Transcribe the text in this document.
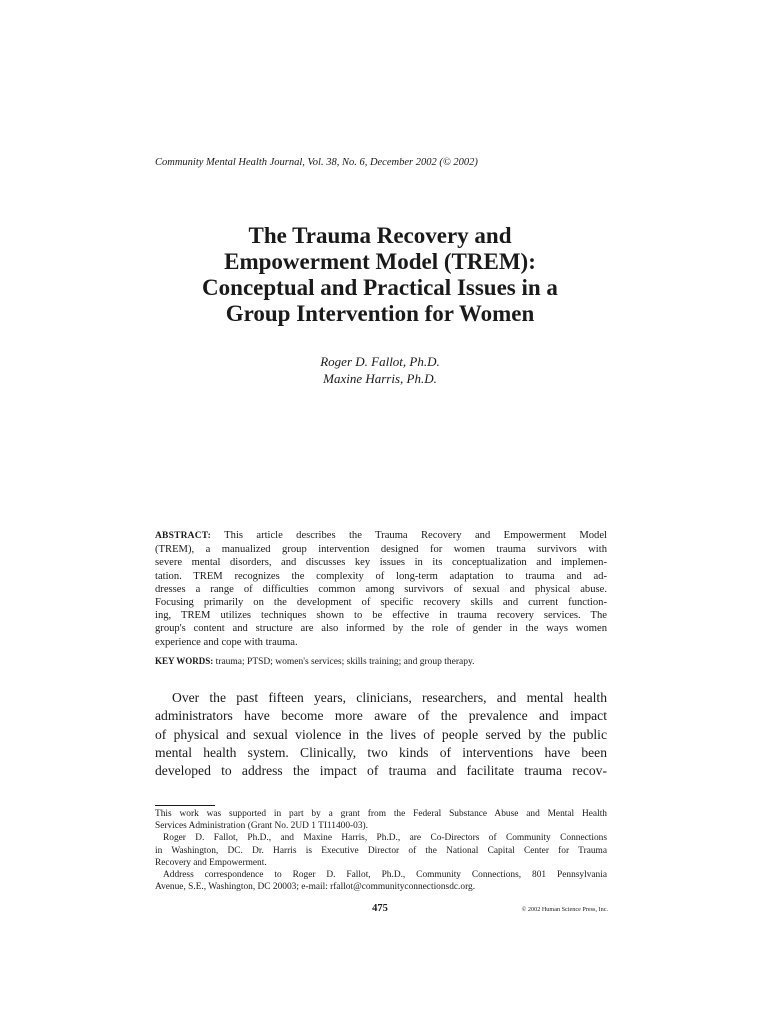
Community Mental Health Journal, Vol. 38, No. 6, December 2002 (© 2002)
The Trauma Recovery and
Empowerment Model (TREM):
Conceptual and Practical Issues in a
Group Intervention for Women
Roger D. Fallot, Ph.D.
Maxine Harris, Ph.D.
ABSTRACT: This article describes the Trauma Recovery and Empowerment Model
(TREM), a manualized group intervention designed for women trauma survivors with
severe mental disorders, and discusses key issues in its conceptualization and implemen-
tation. TREM recognizes the complexity of long-term adaptation to trauma and ad-
dresses a range of difficulties common among survivors of sexual and physical abuse.
Focusing primarily on the development of specific recovery skills and current function-
ing, TREM utilizes techniques shown to be effective in trauma recovery services. The
group's content and structure are also informed by the role of gender in the ways women
experience and cope with trauma.
KEY WORDS: trauma; PTSD; women's services; skills training; and group therapy.
Over the past fifteen years, clinicians, researchers, and mental health
administrators have become more aware of the prevalence and impact
of physical and sexual violence in the lives of people served by the public
mental health system. Clinically, two kinds of interventions have been
developed to address the impact of trauma and facilitate trauma recov-
This work was supported in part by a grant from the Federal Substance Abuse and Mental Health
Services Administration (Grant No. 2UD 1 TI11400-03).
Roger D. Fallot, Ph.D., and Maxine Harris, Ph.D., are Co-Directors of Community Connections
in Washington, DC. Dr. Harris is Executive Director of the National Capital Center for Trauma
Recovery and Empowerment.
Address correspondence to Roger D. Fallot, Ph.D., Community Connections, 801 Pennsylvania
Avenue, S.E., Washington, DC 20003; e-mail: rfallot@communityconnectionsdc.org.
475	© 2002 Human Science Press, Inc.
